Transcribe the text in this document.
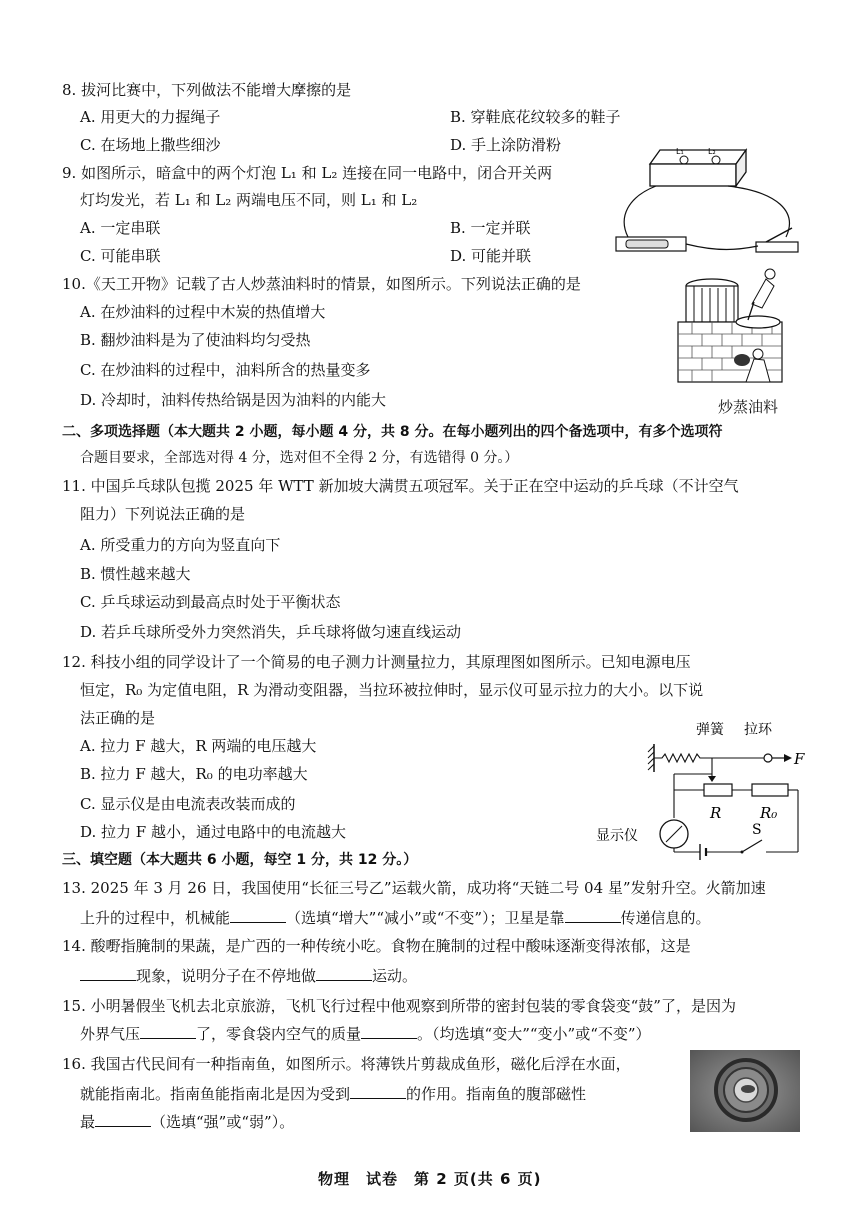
8. 拔河比赛中，下列做法不能增大摩擦的是
A. 用更大的力握绳子	B. 穿鞋底花纹较多的鞋子
C. 在场地上撒些细沙	D. 手上涂防滑粉
9. 如图所示，暗盒中的两个灯泡 L₁ 和 L₂ 连接在同一电路中，闭合开关两
灯均发光，若 L₁ 和 L₂ 两端电压不同，则 L₁ 和 L₂
A. 一定串联	B. 一定并联
C. 可能串联	D. 可能并联
L₁	L₂
10.《天工开物》记载了古人炒蒸油料时的情景，如图所示。下列说法正确的是
A. 在炒油料的过程中木炭的热值增大
B. 翻炒油料是为了使油料均匀受热
C. 在炒油料的过程中，油料所含的热量变多
D. 冷却时，油料传热给锅是因为油料的内能大	炒蒸油料
二、多项选择题（本大题共 2 小题，每小题 4 分，共 8 分。在每小题列出的四个备选项中，有多个选项符
合题目要求，全部选对得 4 分，选对但不全得 2 分，有选错得 0 分。）
11. 中国乒乓球队包揽 2025 年 WTT 新加坡大满贯五项冠军。关于正在空中运动的乒乓球（不计空气
阻力）下列说法正确的是
A. 所受重力的方向为竖直向下
B. 惯性越来越大
C. 乒乓球运动到最高点时处于平衡状态
D. 若乒乓球所受外力突然消失，乒乓球将做匀速直线运动
12. 科技小组的同学设计了一个简易的电子测力计测量拉力，其原理图如图所示。已知电源电压
恒定，R₀ 为定值电阻，R 为滑动变阻器，当拉环被拉伸时，显示仪可显示拉力的大小。以下说
法正确的是
A. 拉力 F 越大，R 两端的电压越大
B. 拉力 F 越大，R₀ 的电功率越大
C. 显示仪是由电流表改装而成的
D. 拉力 F 越小，通过电路中的电流越大
F
弹簧 拉环
R	R₀
显示仪	S
三、填空题（本大题共 6 小题，每空 1 分，共 12 分。）
13. 2025 年 3 月 26 日，我国使用“长征三号乙”运载火箭，成功将“天链二号 04 星”发射升空。火箭加速
上升的过程中，机械能	（选填“增大”“减小”或“不变”）；卫星是靠	传递信息的。
14. 酸嘢指腌制的果蔬，是广西的一种传统小吃。食物在腌制的过程中酸味逐渐变得浓郁，这是
现象，说明分子在不停地做	运动。
15. 小明暑假坐飞机去北京旅游，飞机飞行过程中他观察到所带的密封包装的零食袋变“鼓”了，是因为
外界气压	了，零食袋内空气的质量	。（均选填“变大”“变小”或“不变”）
16. 我国古代民间有一种指南鱼，如图所示。将薄铁片剪裁成鱼形，磁化后浮在水面，
就能指南北。指南鱼能指南北是因为受到	的作用。指南鱼的腹部磁性
最	（选填“强”或“弱”）。
物理　试卷　第 2 页(共 6 页)
